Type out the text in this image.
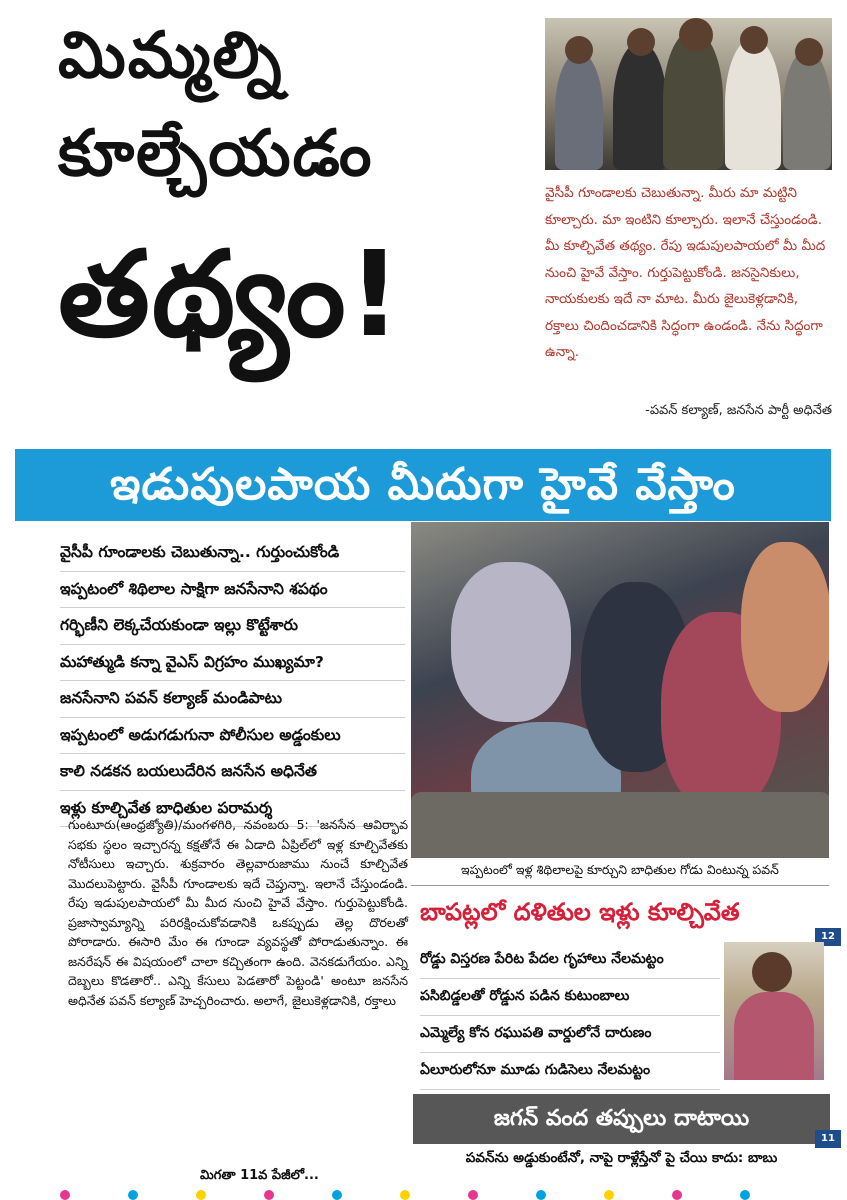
మిమ్మల్ని
కూల్చేయడం
తథ్యం!
వైసీపీ గూండాలకు చెబుతున్నా. మీరు మా మట్టిని కూల్చారు. మా ఇంటిని కూల్చారు. ఇలానే చేస్తుండండి. మీ కూల్చివేత తథ్యం. రేపు ఇడుపులపాయలో మీ మీద నుంచి హైవే వేస్తాం. గుర్తుపెట్టుకోండి. జనసైనికులు, నాయకులకు ఇదే నా మాట. మీరు జైలుకెళ్లడానికి, రక్తాలు చిందించడానికి సిద్ధంగా ఉండండి. నేను సిద్ధంగా ఉన్నా.
-పవన్ కల్యాణ్, జనసేన పార్టీ అధినేత
ఇడుపులపాయ మీదుగా హైవే వేస్తాం
వైసీపీ గూండాలకు చెబుతున్నా.. గుర్తుంచుకోండి
ఇప్పటంలో శిథిలాల సాక్షిగా జనసేనాని శపథం
గర్భిణీని లెక్కచేయకుండా ఇల్లు కొట్టేశారు
మహాత్ముడి కన్నా వైఎస్ విగ్రహం ముఖ్యమా?
జనసేనాని పవన్ కల్యాణ్ మండిపాటు
ఇప్పటంలో అడుగడుగునా పోలీసుల అడ్డంకులు
కాలి నడకన బయలుదేరిన జనసేన అధినేత
ఇళ్లు కూల్చివేత బాధితుల పరామర్శ
గుంటూరు(ఆంధ్రజ్యోతి)/మంగళగిరి, నవంబరు 5: 'జనసేన ఆవిర్భావ సభకు స్థలం ఇచ్చారన్న కక్షతోనే ఈ ఏడాది ఏప్రిల్‌లో ఇళ్ల కూల్చివేతకు నోటీసులు ఇచ్చారు. శుక్రవారం తెల్లవారుజాము నుంచే కూల్చివేత మొదలుపెట్టారు. వైసీపీ గూండాలకు ఇదే చెప్తున్నా. ఇలానే చేస్తుండండి. రేపు ఇడుపులపాయలో మీ మీద నుంచి హైవే వేస్తాం. గుర్తుపెట్టుకోండి. ప్రజాస్వామ్యాన్ని పరిరక్షించుకోవడానికి ఒకప్పుడు తెల్ల దొరలతో పోరాడారు. ఈసారి మేం ఈ గూండా వ్యవస్థతో పోరాడుతున్నాం. ఈ జనరేషన్ ఈ విషయంలో చాలా కచ్చితంగా ఉంది. వెనకడుగేయం. ఎన్ని దెబ్బలు కొడతారో.. ఎన్ని కేసులు పెడతారో పెట్టండి' అంటూ జనసేన అధినేత పవన్ కల్యాణ్ హెచ్చరించారు. అలాగే, జైలుకెళ్లడానికి, రక్తాలు
మిగతా 11వ పేజీలో...
ఇప్పటంలో ఇళ్ల శిథిలాలపై కూర్చుని బాధితుల గోడు వింటున్న పవన్
బాపట్లలో దళితుల ఇళ్లు కూల్చివేత
12
రోడ్డు విస్తరణ పేరిట పేదల గృహాలు నేలమట్టం
పసిబిడ్డలతో రోడ్డున పడిన కుటుంబాలు
ఎమ్మెల్యే కోన రఘుపతి వార్డులోనే దారుణం
ఏలూరులోనూ మూడు గుడిసెలు నేలమట్టం
జగన్ వంద తప్పులు దాటాయి
11
పవన్‌ను అడ్డుకుంటేనో, నాపై రాళ్లేస్తేనో పై చేయి కాదు: బాబు
